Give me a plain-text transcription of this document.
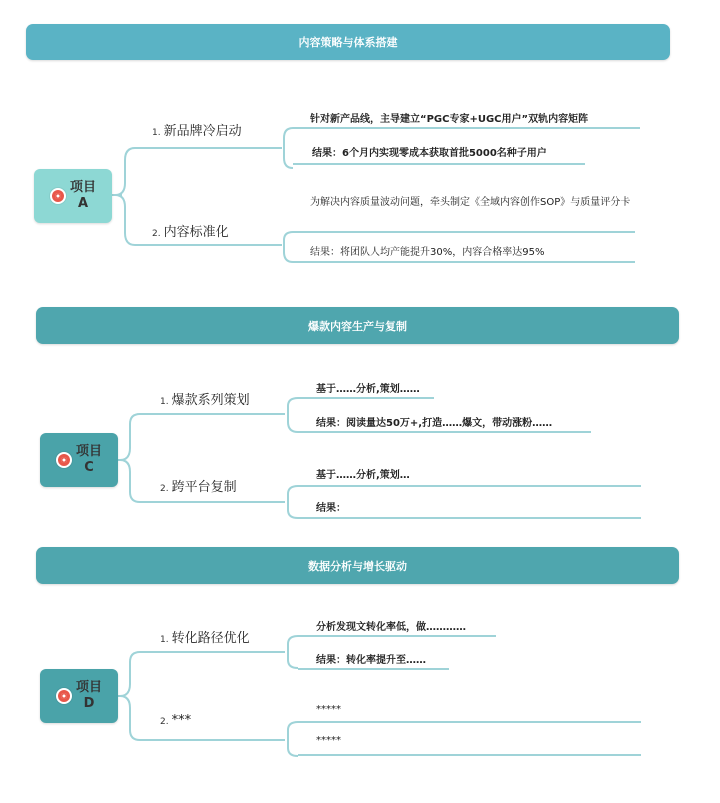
内容策略与体系搭建
项目
A
1. 新品牌冷启动
2. 内容标准化
针对新产品线，主导建立“PGC专家+UGC用户”双轨内容矩阵
结果：6个月内实现零成本获取首批5000名种子用户
为解决内容质量波动问题，牵头制定《全域内容创作SOP》与质量评分卡
结果：将团队人均产能提升30%，内容合格率达95%
爆款内容生产与复制
项目
C
1. 爆款系列策划
2. 跨平台复制
基于……分析,策划……
结果：阅读量达50万+,打造……爆文，带动涨粉……
基于……分析,策划…
结果：
数据分析与增长驱动
项目
D
1. 转化路径优化
2. ***
分析发现文转化率低，做…………
结果：转化率提升至……
*****
*****
